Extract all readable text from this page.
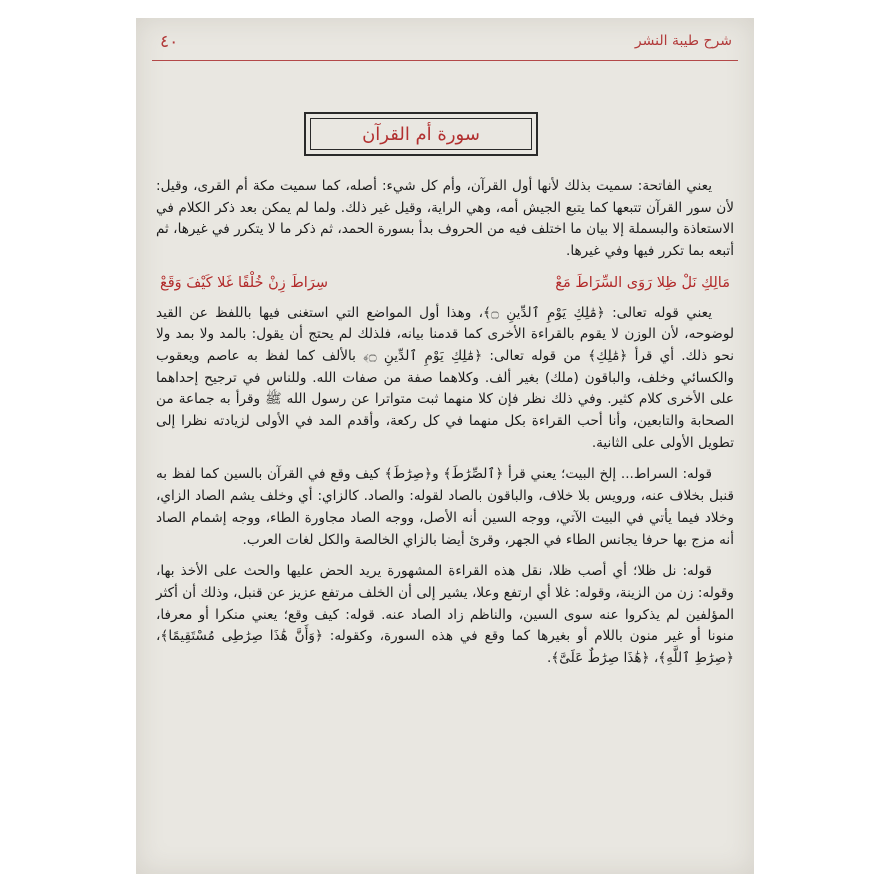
٤٠	شرح طيبة النشر
سورة أم القرآن

يعني الفاتحة: سميت بذلك لأنها أول القرآن، وأم كل شيء: أصله، كما سميت مكة أم القرى، وقيل: لأن سور القرآن تتبعها كما يتبع الجيش أمه، وهي الراية، وقيل غير ذلك. ولما لم يمكن بعد ذكر الكلام في الاستعاذة والبسملة إلا بيان ما اختلف فيه من الحروف بدأ بسورة الحمد، ثم ذكر ما لا يتكرر في غيرها، ثم أتبعه بما تكرر فيها وفي غيرها.

مَالِكِ نَلْ ظِلا رَوَى السِّرَاطَ مَعْ
سِرَاطَ زِنْ خُلْفًا غَلا كَيْفَ وَقَعْ

يعني قوله تعالى: ﴿مَٰلِكِ يَوْمِ ٱلدِّينِ ۝﴾، وهذا أول المواضع التي استغنى فيها باللفظ عن القيد لوضوحه، لأن الوزن لا يقوم بالقراءة الأخرى كما قدمنا بيانه، فلذلك لم يحتج أن يقول: بالمد ولا بمد ولا نحو ذلك. أي قرأ ﴿مَٰلِكِ﴾ من قوله تعالى: ﴿مَٰلِكِ يَوْمِ ٱلدِّينِ ۝﴾ بالألف كما لفظ به عاصم ويعقوب والكسائي وخلف، والباقون (ملك) بغير ألف. وكلاهما صفة من صفات الله. وللناس في ترجيح إحداهما على الأخرى كلام كثير. وفي ذلك نظر فإن كلا منهما ثبت متواترا عن رسول الله ﷺ وقرأ به جماعة من الصحابة والتابعين، وأنا أحب القراءة بكل منهما في كل ركعة، وأقدم المد في الأولى لزيادته نظرا إلى تطويل الأولى على الثانية.

قوله: السراط... إلخ البيت؛ يعني قرأ ﴿ٱلصِّرَٰطَ﴾ و﴿صِرَٰطَ﴾ كيف وقع في القرآن بالسين كما لفظ به قنبل بخلاف عنه، ورويس بلا خلاف، والباقون بالصاد لقوله: والصاد. كالزاي: أي وخلف يشم الصاد الزاي، وخلاد فيما يأتي في البيت الآتي، ووجه السين أنه الأصل، ووجه الصاد مجاورة الطاء، ووجه إشمام الصاد أنه مزج بها حرفا يجانس الطاء في الجهر، وقرئ أيضا بالزاي الخالصة والكل لغات العرب.

قوله: نل ظلا؛ أي أصب ظلا، نقل هذه القراءة المشهورة يريد الحض عليها والحث على الأخذ بها، وقوله: زن من الزينة، وقوله: غلا أي ارتفع وعلا، يشير إلى أن الخلف مرتفع عزيز عن قنبل، وذلك أن أكثر المؤلفين لم يذكروا عنه سوى السين، والناظم زاد الصاد عنه. قوله: كيف وقع؛ يعني منكرا أو معرفا، منونا أو غير منون باللام أو بغيرها كما وقع في هذه السورة، وكقوله: ﴿وَأَنَّ هَٰذَا صِرَٰطِى مُسْتَقِيمًا﴾، ﴿صِرَٰطِ ٱللَّهِ﴾، ﴿هَٰذَا صِرَٰطٌ عَلَىَّ﴾.
